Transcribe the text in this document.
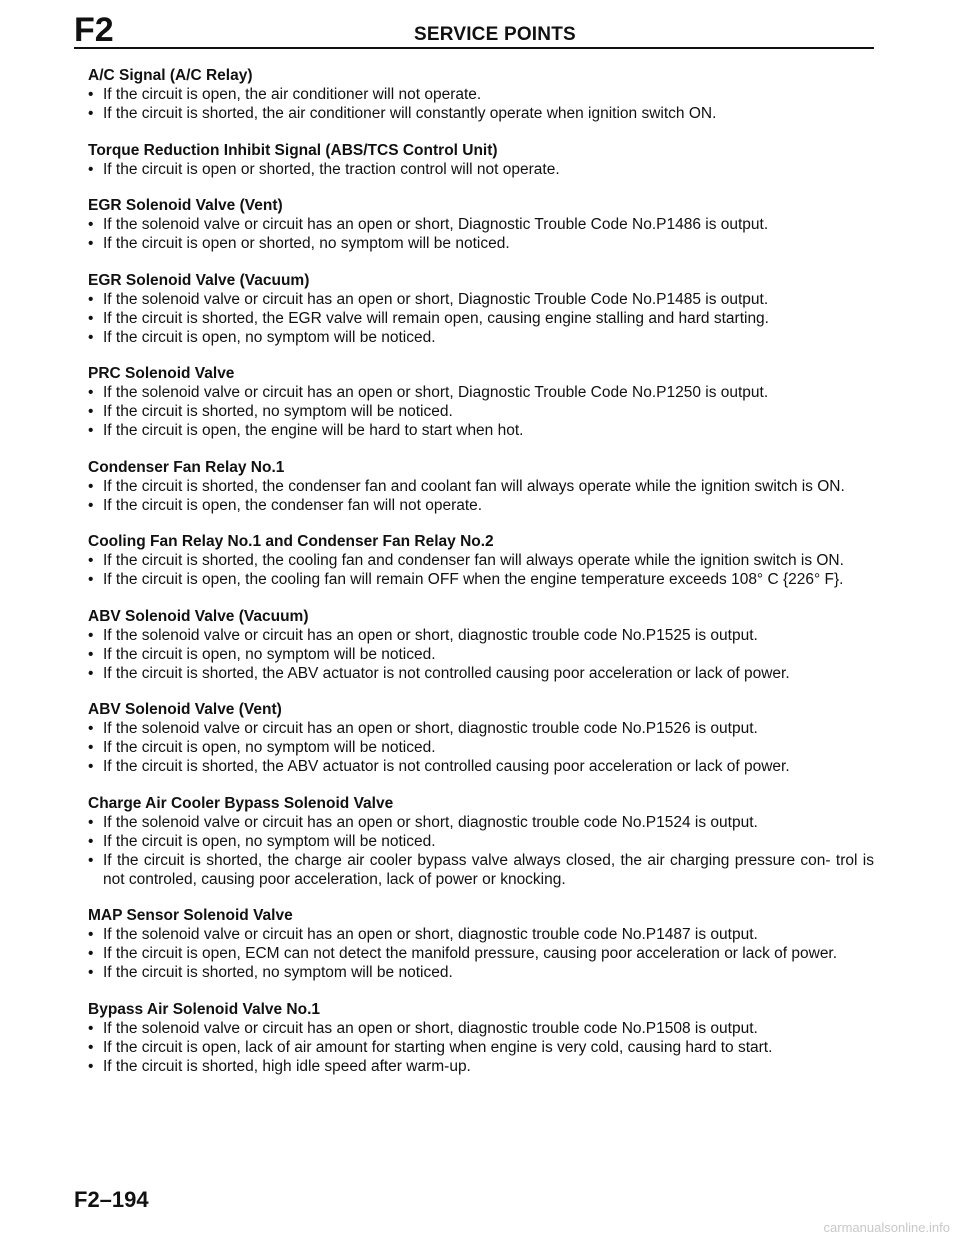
F2	SERVICE POINTS
A/C Signal (A/C Relay)
• If the circuit is open, the air conditioner will not operate.
• If the circuit is shorted, the air conditioner will constantly operate when ignition switch ON.
Torque Reduction Inhibit Signal (ABS/TCS Control Unit)
• If the circuit is open or shorted, the traction control will not operate.
EGR Solenoid Valve (Vent)
• If the solenoid valve or circuit has an open or short, Diagnostic Trouble Code No.P1486 is output.
• If the circuit is open or shorted, no symptom will be noticed.
EGR Solenoid Valve (Vacuum)
• If the solenoid valve or circuit has an open or short, Diagnostic Trouble Code No.P1485 is output.
• If the circuit is shorted, the EGR valve will remain open, causing engine stalling and hard starting.
• If the circuit is open, no symptom will be noticed.
PRC Solenoid Valve
• If the solenoid valve or circuit has an open or short, Diagnostic Trouble Code No.P1250 is output.
• If the circuit is shorted, no symptom will be noticed.
• If the circuit is open, the engine will be hard to start when hot.
Condenser Fan Relay No.1
• If the circuit is shorted, the condenser fan and coolant fan will always operate while the ignition switch is ON.
• If the circuit is open, the condenser fan will not operate.
Cooling Fan Relay No.1 and Condenser Fan Relay No.2
• If the circuit is shorted, the cooling fan and condenser fan will always operate while the ignition switch is ON.
• If the circuit is open, the cooling fan will remain OFF when the engine temperature exceeds 108° C {226° F}.
ABV Solenoid Valve (Vacuum)
• If the solenoid valve or circuit has an open or short, diagnostic trouble code No.P1525 is output.
• If the circuit is open, no symptom will be noticed.
• If the circuit is shorted, the ABV actuator is not controlled causing poor acceleration or lack of power.
ABV Solenoid Valve (Vent)
• If the solenoid valve or circuit has an open or short, diagnostic trouble code No.P1526 is output.
• If the circuit is open, no symptom will be noticed.
• If the circuit is shorted, the ABV actuator is not controlled causing poor acceleration or lack of power.
Charge Air Cooler Bypass Solenoid Valve
• If the solenoid valve or circuit has an open or short, diagnostic trouble code No.P1524 is output.
• If the circuit is open, no symptom will be noticed.
• If the circuit is shorted, the charge air cooler bypass valve always closed, the air charging pressure con- trol is not controled, causing poor acceleration, lack of power or knocking.
MAP Sensor Solenoid Valve
• If the solenoid valve or circuit has an open or short, diagnostic trouble code No.P1487 is output.
• If the circuit is open, ECM can not detect the manifold pressure, causing poor acceleration or lack of power.
• If the circuit is shorted, no symptom will be noticed.
Bypass Air Solenoid Valve No.1
• If the solenoid valve or circuit has an open or short, diagnostic trouble code No.P1508 is output.
• If the circuit is open, lack of air amount for starting when engine is very cold, causing hard to start.
• If the circuit is shorted, high idle speed after warm-up.
F2–194
carmanualsonline.info
